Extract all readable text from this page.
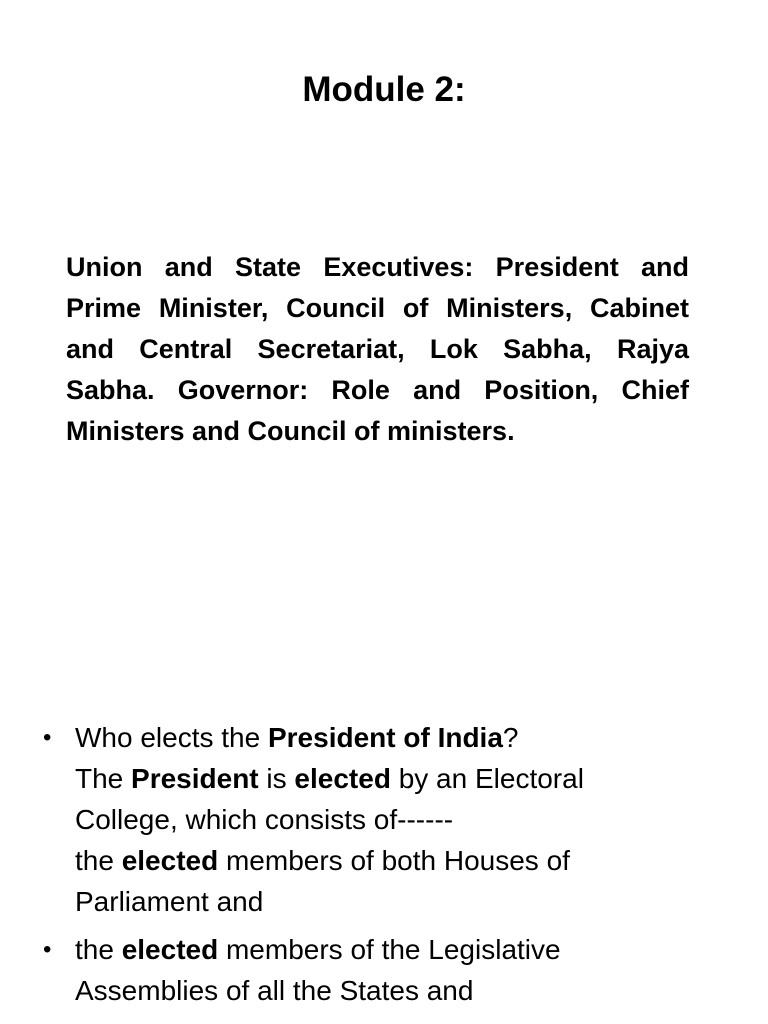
Module 2:
Union and State Executives: President and Prime Minister, Council of Ministers, Cabinet and Central Secretariat, Lok Sabha, Rajya Sabha. Governor: Role and Position, Chief Ministers and Council of ministers.
• Who elects the President of India?
The President is elected by an Electoral
College, which consists of------
the elected members of both Houses of
Parliament and
• the elected members of the Legislative
Assemblies of all the States and
